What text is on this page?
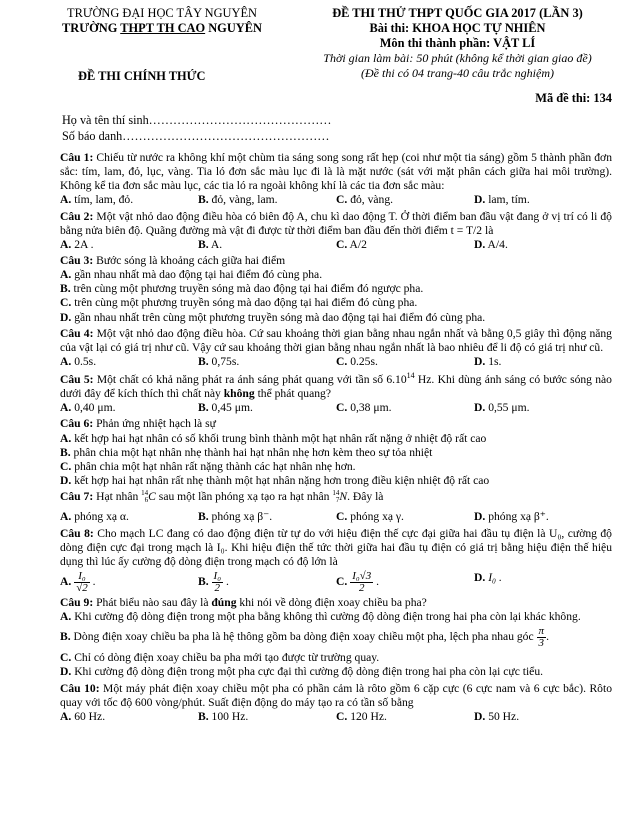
TRƯỜNG ĐẠI HỌC TÂY NGUYÊN
TRƯỜNG THPT TH CAO NGUYÊN
ĐỀ THI THỬ THPT QUỐC GIA 2017 (LẦN 3)
Bài thi: KHOA HỌC TỰ NHIÊN
Môn thi thành phần: VẬT LÍ
Thời gian làm bài: 50 phút (không kể thời gian giao đề)
(Đề thi có 04 trang-40 câu trắc nghiệm)
ĐỀ THI CHÍNH THỨC
Mã đề thi: 134
Họ và tên thí sinh………………………………………
Số báo danh……………………………………………
Câu 1: Chiếu từ nước ra không khí một chùm tia sáng song song rất hẹp (coi như một tia sáng) gồm 5 thành phần đơn sắc: tím, lam, đỏ, lục, vàng. Tia ló đơn sắc màu lục đi là là mặt nước (sát với mặt phân cách giữa hai môi trường). Không kể tia đơn sắc màu lục, các tia ló ra ngoài không khí là các tia đơn sắc màu:
A. tím, lam, đỏ.	B. đỏ, vàng, lam.	C. đỏ, vàng.	D. lam, tím.
Câu 2: Một vật nhỏ dao động điều hòa có biên độ A, chu kì dao động T. Ở thời điểm ban đầu vật đang ở vị trí có li độ bằng nửa biên độ. Quãng đường mà vật đi được từ thời điểm ban đầu đến thời điểm t = T/2 là
A. 2A .	B. A.	C. A/2	D. A/4.
Câu 3: Bước sóng là khoảng cách giữa hai điểm
A. gần nhau nhất mà dao động tại hai điểm đó cùng pha.
B. trên cùng một phương truyền sóng mà dao động tại hai điểm đó ngược pha.
C. trên cùng một phương truyền sóng mà dao động tại hai điểm đó cùng pha.
D. gần nhau nhất trên cùng một phương truyền sóng mà dao động tại hai điểm đó cùng pha.
Câu 4: Một vật nhỏ dao động điều hòa. Cứ sau khoảng thời gian bằng nhau ngắn nhất và bằng 0,5 giây thì động năng của vật lại có giá trị như cũ. Vậy cứ sau khoảng thời gian bằng nhau ngắn nhất là bao nhiêu để li độ có giá trị như cũ.
A. 0.5s.	B. 0,75s.	C. 0.25s.	D. 1s.
Câu 5: Một chất có khả năng phát ra ánh sáng phát quang với tần số 6.10$^{14}$ Hz. Khi dùng ánh sáng có bước sóng nào dưới đây để kích thích thì chất này không thể phát quang?
A. 0,40 μm.	B. 0,45 μm.	C. 0,38 μm.	D. 0,55 μm.
Câu 6: Phản ứng nhiệt hạch là sự
A. kết hợp hai hạt nhân có số khối trung bình thành một hạt nhân rất nặng ở nhiệt độ rất cao
B. phân chia một hạt nhân nhẹ thành hai hạt nhân nhẹ hơn kèm theo sự tỏa nhiệt
C. phân chia một hạt nhân rất nặng thành các hạt nhân nhẹ hơn.
D. kết hợp hai hạt nhân rất nhẹ thành một hạt nhân nặng hơn trong điều kiện nhiệt độ rất cao
Câu 7: Hạt nhân 14
6 C sau một lần phóng xạ tạo ra hạt nhân 14
7 N. Đây là
A. phóng xạ α.	B. phóng xạ β⁻.	C. phóng xạ γ.	D. phóng xạ β⁺.
Câu 8: Cho mạch LC đang có dao động điện từ tự do với hiệu điện thế cực đại giữa hai đầu tụ điện là U₀, cường độ dòng điện cực đại trong mạch là I₀. Khi hiệu điện thế tức thời giữa hai đầu tụ điện có giá trị bằng hiệu điện thế hiệu dụng thì lúc ấy cường độ dòng điện trong mạch có độ lớn là
A. $\frac{\text{I₀}}{√2}$ .	B. $\frac{\text{I₀}}{2}$ .	C. $\frac{\text{I₀√3}}{2}$ .	D. I₀ .
Câu 9: Phát biểu nào sau đây là đúng khi nói về dòng điện xoay chiều ba pha?
A. Khi cường độ dòng điện trong một pha bằng không thì cường độ dòng điện trong hai pha còn lại khác không.
B. Dòng điện xoay chiều ba pha là hệ thông gồm ba dòng điện xoay chiều một pha, lệch pha nhau góc $\frac{\pi}{3}$ .
C. Chỉ có dòng điện xoay chiều ba pha mới tạo được từ trường quay.
D. Khi cường độ dòng điện trong một pha cực đại thì cường độ dòng điện trong hai pha còn lại cực tiểu.
Câu 10: Một máy phát điện xoay chiều một pha có phần cảm là rôto gồm 6 cặp cực (6 cực nam và 6 cực bắc). Rôto quay với tốc độ 600 vòng/phút. Suất điện động do máy tạo ra có tần số bằng
A. 60 Hz.	B. 100 Hz.	C. 120 Hz.	D. 50 Hz.
